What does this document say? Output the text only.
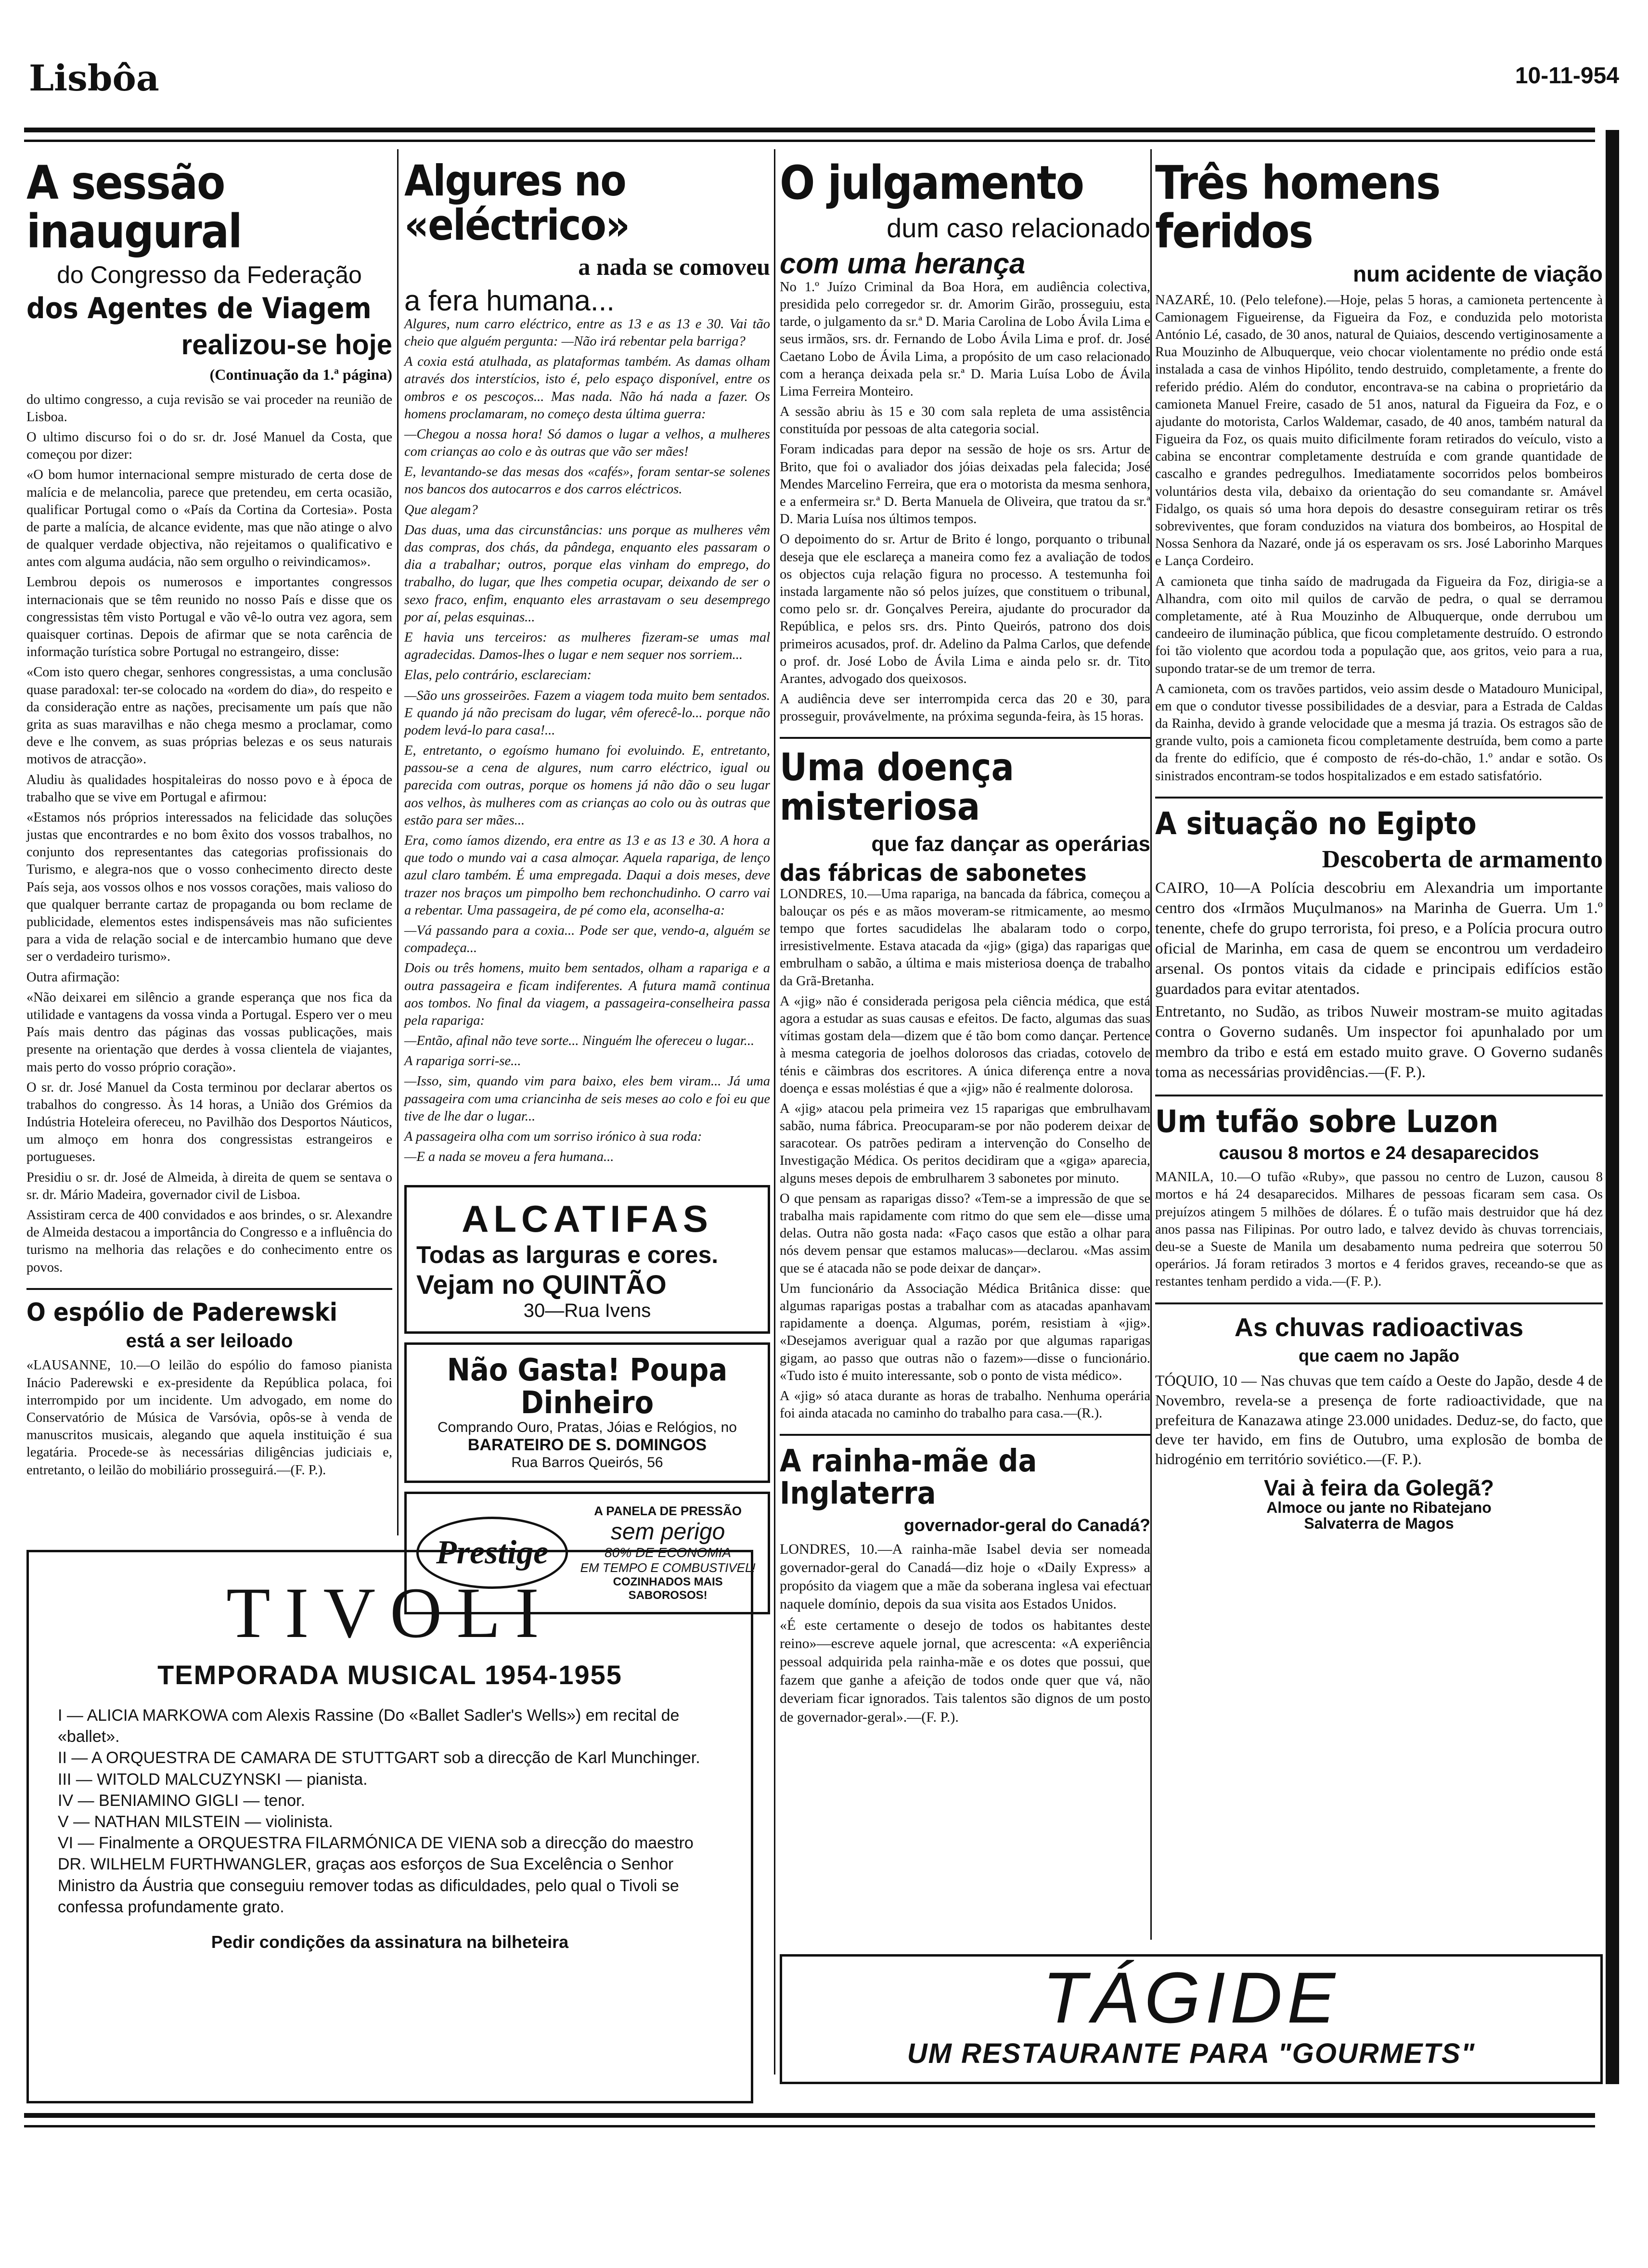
Lisbôa	10-11-954
A sessão inaugural
do Congresso da Federação
dos Agentes de Viagem
realizou-se hoje
(Continuação da 1.ª página)

do ultimo congresso, a cuja revisão se vai proceder na reunião de Lisboa.

O ultimo discurso foi o do sr. dr. José Manuel da Costa, que começou por dizer:

«O bom humor internacional sempre misturado de certa dose de malícia e de melancolia, parece que pretendeu, em certa ocasião, qualificar Portugal como o «País da Cortina da Cortesia». Posta de parte a malícia, de alcance evidente, mas que não atinge o alvo de qualquer verdade objectiva, não rejeitamos o qualificativo e antes com alguma audácia, não sem orgulho o reivindicamos».

Lembrou depois os numerosos e importantes congressos internacionais que se têm reunido no nosso País e disse que os congressistas têm visto Portugal e vão vê-lo outra vez agora, sem quaisquer cortinas. Depois de afirmar que se nota carência de informação turística sobre Portugal no estrangeiro, disse:

«Com isto quero chegar, senhores congressistas, a uma conclusão quase paradoxal: ter-se colocado na «ordem do dia», do respeito e da consideração entre as nações, precisamente um país que não grita as suas maravilhas e não chega mesmo a proclamar, como deve e lhe convem, as suas próprias belezas e os seus naturais motivos de atracção».

Aludiu às qualidades hospitaleiras do nosso povo e à época de trabalho que se vive em Portugal e afirmou:

«Estamos nós próprios interessados na felicidade das soluções justas que encontrardes e no bom êxito dos vossos trabalhos, no conjunto dos representantes das categorias profissionais do Turismo, e alegra-nos que o vosso conhecimento directo deste País seja, aos vossos olhos e nos vossos corações, mais valioso do que qualquer berrante cartaz de propaganda ou bom reclame de publicidade, elementos estes indispensáveis mas não suficientes para a vida de relação social e de intercambio humano que deve ser o verdadeiro turismo».

Outra afirmação:

«Não deixarei em silêncio a grande esperança que nos fica da utilidade e vantagens da vossa vinda a Portugal. Espero ver o meu País mais dentro das páginas das vossas publicações, mais presente na orientação que derdes à vossa clientela de viajantes, mais perto do vosso próprio coração».

O sr. dr. José Manuel da Costa terminou por declarar abertos os trabalhos do congresso. Às 14 horas, a União dos Grémios da Indústria Hoteleira ofereceu, no Pavilhão dos Desportos Náuticos, um almoço em honra dos congressistas estrangeiros e portugueses.

Presidiu o sr. dr. José de Almeida, à direita de quem se sentava o sr. dr. Mário Madeira, governador civil de Lisboa.

Assistiram cerca de 400 convidados e aos brindes, o sr. Alexandre de Almeida destacou a importância do Congresso e a influência do turismo na melhoria das relações e do conhecimento entre os povos.

O espólio de Paderewski
está a ser leiloado

«LAUSANNE, 10.—O leilão do espólio do famoso pianista Inácio Paderewski e ex-presidente da República polaca, foi interrompido por um incidente. Um advogado, em nome do Conservatório de Música de Varsóvia, opôs-se à venda de manuscritos musicais, alegando que aquela instituição é sua legatária. Procede-se às necessárias diligências judiciais e, entretanto, o leilão do mobiliário prosseguirá.—(F. P.).

Algures no «eléctrico»
a nada se comoveu
a fera humana...

Algures, num carro eléctrico, entre as 13 e as 13 e 30. Vai tão cheio que alguém pergunta: —Não irá rebentar pela barriga?

A coxia está atulhada, as plataformas também. As damas olham através dos interstícios, isto é, pelo espaço disponível, entre os ombros e os pescoços... Mas nada. Não há nada a fazer. Os homens proclamaram, no começo desta última guerra:

—Chegou a nossa hora! Só damos o lugar a velhos, a mulheres com crianças ao colo e às outras que vão ser mães!

E, levantando-se das mesas dos «cafés», foram sentar-se solenes nos bancos dos autocarros e dos carros eléctricos.

Que alegam?

Das duas, uma das circunstâncias: uns porque as mulheres vêm das compras, dos chás, da pândega, enquanto eles passaram o dia a trabalhar; outros, porque elas vinham do emprego, do trabalho, do lugar, que lhes competia ocupar, deixando de ser o sexo fraco, enfim, enquanto eles arrastavam o seu desemprego por aí, pelas esquinas...

E havia uns terceiros: as mulheres fizeram-se umas mal agradecidas. Damos-lhes o lugar e nem sequer nos sorriem...

Elas, pelo contrário, esclareciam:

—São uns grosseirões. Fazem a viagem toda muito bem sentados. E quando já não precisam do lugar, vêm oferecê-lo... porque não podem levá-lo para casa!...

E, entretanto, o egoísmo humano foi evoluindo. E, entretanto, passou-se a cena de algures, num carro eléctrico, igual ou parecida com outras, porque os homens já não dão o seu lugar aos velhos, às mulheres com as crianças ao colo ou às outras que estão para ser mães...

Era, como íamos dizendo, era entre as 13 e as 13 e 30. A hora a que todo o mundo vai a casa almoçar. Aquela rapariga, de lenço azul claro também. É uma empregada. Daqui a dois meses, deve trazer nos braços um pimpolho bem rechonchudinho. O carro vai a rebentar. Uma passageira, de pé como ela, aconselha-a:

—Vá passando para a coxia... Pode ser que, vendo-a, alguém se compadeça...

Dois ou três homens, muito bem sentados, olham a rapariga e a outra passageira e ficam indiferentes. A futura mamã continua aos tombos. No final da viagem, a passageira-conselheira passa pela rapariga:

—Então, afinal não teve sorte... Ninguém lhe ofereceu o lugar...

A rapariga sorri-se...

—Isso, sim, quando vim para baixo, eles bem viram... Já uma passageira com uma criancinha de seis meses ao colo e foi eu que tive de lhe dar o lugar...

A passageira olha com um sorriso irónico à sua roda:

—E a nada se moveu a fera humana...

ALCATIFAS
Todas as larguras e cores.
Vejam no QUINTÃO
30—Rua Ivens
Não Gasta! Poupa Dinheiro
Comprando Ouro, Pratas, Jóias e Relógios, no
BARATEIRO DE S. DOMINGOS
Rua Barros Queirós, 56
Prestige
A PANELA DE PRESSÃO
sem perigo
80% DE ECONOMIA
EM TEMPO E COMBUSTIVEL!
COZINHADOS MAIS SABOROSOS!
O julgamento
dum caso relacionado
com uma herança

No 1.º Juízo Criminal da Boa Hora, em audiência colectiva, presidida pelo corregedor sr. dr. Amorim Girão, prosseguiu, esta tarde, o julgamento da sr.ª D. Maria Carolina de Lobo Ávila Lima e seus irmãos, srs. dr. Fernando de Lobo Ávila Lima e prof. dr. José Caetano Lobo de Ávila Lima, a propósito de um caso relacionado com a herança deixada pela sr.ª D. Maria Luísa Lobo de Ávila Lima Ferreira Monteiro.

A sessão abriu às 15 e 30 com sala repleta de uma assistência constituída por pessoas de alta categoria social.

Foram indicadas para depor na sessão de hoje os srs. Artur de Brito, que foi o avaliador dos jóias deixadas pela falecida; José Mendes Marcelino Ferreira, que era o motorista da mesma senhora, e a enfermeira sr.ª D. Berta Manuela de Oliveira, que tratou da sr.ª D. Maria Luísa nos últimos tempos.

O depoimento do sr. Artur de Brito é longo, porquanto o tribunal deseja que ele esclareça a maneira como fez a avaliação de todos os objectos cuja relação figura no processo. A testemunha foi instada largamente não só pelos juízes, que constituem o tribunal, como pelo sr. dr. Gonçalves Pereira, ajudante do procurador da República, e pelos srs. drs. Pinto Queirós, patrono dos dois primeiros acusados, prof. dr. Adelino da Palma Carlos, que defende o prof. dr. José Lobo de Ávila Lima e ainda pelo sr. dr. Tito Arantes, advogado dos queixosos.

A audiência deve ser interrompida cerca das 20 e 30, para prosseguir, provávelmente, na próxima segunda-feira, às 15 horas.

Uma doença misteriosa
que faz dançar as operárias
das fábricas de sabonetes

LONDRES, 10.—Uma rapariga, na bancada da fábrica, começou a balouçar os pés e as mãos moveram-se ritmicamente, ao mesmo tempo que fortes sacudidelas lhe abalaram todo o corpo, irresistivelmente. Estava atacada da «jig» (giga) das raparigas que embrulham o sabão, a última e mais misteriosa doença de trabalho da Grã-Bretanha.

A «jig» não é considerada perigosa pela ciência médica, que está agora a estudar as suas causas e efeitos. De facto, algumas das suas vítimas gostam dela—dizem que é tão bom como dançar. Pertence à mesma categoria de joelhos dolorosos das criadas, cotovelo de ténis e cãimbras dos escritores. A única diferença entre a nova doença e essas moléstias é que a «jig» não é realmente dolorosa.

A «jig» atacou pela primeira vez 15 raparigas que embrulhavam sabão, numa fábrica. Preocuparam-se por não poderem deixar de saracotear. Os patrões pediram a intervenção do Conselho de Investigação Médica. Os peritos decidiram que a «giga» aparecia, alguns meses depois de embrulharem 3 sabonetes por minuto.

O que pensam as raparigas disso? «Tem-se a impressão de que se trabalha mais rapidamente com ritmo do que sem ele—disse uma delas. Outra não gosta nada: «Faço casos que estão a olhar para nós devem pensar que estamos malucas»—declarou. «Mas assim que se é atacada não se pode deixar de dançar».

Um funcionário da Associação Médica Britânica disse: que algumas raparigas postas a trabalhar com as atacadas apanhavam rapidamente a doença. Algumas, porém, resistiam à «jig». «Desejamos averiguar qual a razão por que algumas raparigas gigam, ao passo que outras não o fazem»—disse o funcionário. «Tudo isto é muito interessante, sob o ponto de vista médico».

A «jig» só ataca durante as horas de trabalho. Nenhuma operária foi ainda atacada no caminho do trabalho para casa.—(R.).

A rainha-mãe da Inglaterra
governador-geral do Canadá?

LONDRES, 10.—A rainha-mãe Isabel devia ser nomeada governador-geral do Canadá—diz hoje o «Daily Express» a propósito da viagem que a mãe da soberana inglesa vai efectuar naquele domínio, depois da sua visita aos Estados Unidos.

«É este certamente o desejo de todos os habitantes deste reino»—escreve aquele jornal, que acrescenta: «A experiência pessoal adquirida pela rainha-mãe e os dotes que possui, que fazem que ganhe a afeição de todos onde quer que vá, não deveriam ficar ignorados. Tais talentos são dignos de um posto de governador-geral».—(F. P.).

Três homens feridos
num acidente de viação

NAZARÉ, 10. (Pelo telefone).—Hoje, pelas 5 horas, a camioneta pertencente à Camionagem Figueirense, da Figueira da Foz, e conduzida pelo motorista António Lé, casado, de 30 anos, natural de Quiaios, descendo vertiginosamente a Rua Mouzinho de Albuquerque, veio chocar violentamente no prédio onde está instalada a casa de vinhos Hipólito, tendo destruido, completamente, a frente do referido prédio. Além do condutor, encontrava-se na cabina o proprietário da camioneta Manuel Freire, casado de 51 anos, natural da Figueira da Foz, e o ajudante do motorista, Carlos Waldemar, casado, de 40 anos, também natural da Figueira da Foz, os quais muito dificilmente foram retirados do veículo, visto a cabina se encontrar completamente destruída e com grande quantidade de cascalho e grandes pedregulhos. Imediatamente socorridos pelos bombeiros voluntários desta vila, debaixo da orientação do seu comandante sr. Amável Fidalgo, os quais só uma hora depois do desastre conseguiram retirar os três sobreviventes, que foram conduzidos na viatura dos bombeiros, ao Hospital de Nossa Senhora da Nazaré, onde já os esperavam os srs. José Laborinho Marques e Lança Cordeiro.

A camioneta que tinha saído de madrugada da Figueira da Foz, dirigia-se a Alhandra, com oito mil quilos de carvão de pedra, o qual se derramou completamente, até à Rua Mouzinho de Albuquerque, onde derrubou um candeeiro de iluminação pública, que ficou completamente destruído. O estrondo foi tão violento que acordou toda a população que, aos gritos, veio para a rua, supondo tratar-se de um tremor de terra.

A camioneta, com os travões partidos, veio assim desde o Matadouro Municipal, em que o condutor tivesse possibilidades de a desviar, para a Estrada de Caldas da Rainha, devido à grande velocidade que a mesma já trazia. Os estragos são de grande vulto, pois a camioneta ficou completamente destruída, bem como a parte da frente do edifício, que é composto de rés-do-chão, 1.º andar e sotão. Os sinistrados encontram-se todos hospitalizados e em estado satisfatório.

A situação no Egipto
Descoberta de armamento

CAIRO, 10—A Polícia descobriu em Alexandria um importante centro dos «Irmãos Muçulmanos» na Marinha de Guerra. Um 1.º tenente, chefe do grupo terrorista, foi preso, e a Polícia procura outro oficial de Marinha, em casa de quem se encontrou um verdadeiro arsenal. Os pontos vitais da cidade e principais edifícios estão guardados para evitar atentados.

Entretanto, no Sudão, as tribos Nuweir mostram-se muito agitadas contra o Governo sudanês. Um inspector foi apunhalado por um membro da tribo e está em estado muito grave. O Governo sudanês toma as necessárias providências.—(F. P.).

Um tufão sobre Luzon
causou 8 mortos e 24 desaparecidos

MANILA, 10.—O tufão «Ruby», que passou no centro de Luzon, causou 8 mortos e há 24 desaparecidos. Milhares de pessoas ficaram sem casa. Os prejuízos atingem 5 milhões de dólares. É o tufão mais destruidor que há dez anos passa nas Filipinas. Por outro lado, e talvez devido às chuvas torrenciais, deu-se a Sueste de Manila um desabamento numa pedreira que soterrou 50 operários. Já foram retirados 3 mortos e 4 feridos graves, receando-se que as restantes tenham perdido a vida.—(F. P.).

As chuvas radioactivas
que caem no Japão

TÓQUIO, 10 — Nas chuvas que tem caído a Oeste do Japão, desde 4 de Novembro, revela-se a presença de forte radioactividade, que na prefeitura de Kanazawa atinge 23.000 unidades. Deduz-se, do facto, que deve ter havido, em fins de Outubro, uma explosão de bomba de hidrogénio em território soviético.—(F. P.).

Vai à feira da Golegã?
Almoce ou jante no Ribatejano
Salvaterra de Magos
TIVOLI
TEMPORADA MUSICAL 1954-1955
I — ALICIA MARKOWA com Alexis Rassine (Do «Ballet Sadler's Wells») em recital de «ballet».
II — A ORQUESTRA DE CAMARA DE STUTTGART sob a direcção de Karl Munchinger.
III — WITOLD MALCUZYNSKI — pianista.
IV — BENIAMINO GIGLI — tenor.
V — NATHAN MILSTEIN — violinista.
VI — Finalmente a ORQUESTRA FILARMÓNICA DE VIENA sob a direcção do maestro DR. WILHELM FURTHWANGLER, graças aos esforços de Sua Excelência o Senhor Ministro da Áustria que conseguiu remover todas as dificuldades, pelo qual o Tivoli se confessa profundamente grato.
Pedir condições da assinatura na bilheteira
TÁGIDE
UM RESTAURANTE PARA "GOURMETS"
